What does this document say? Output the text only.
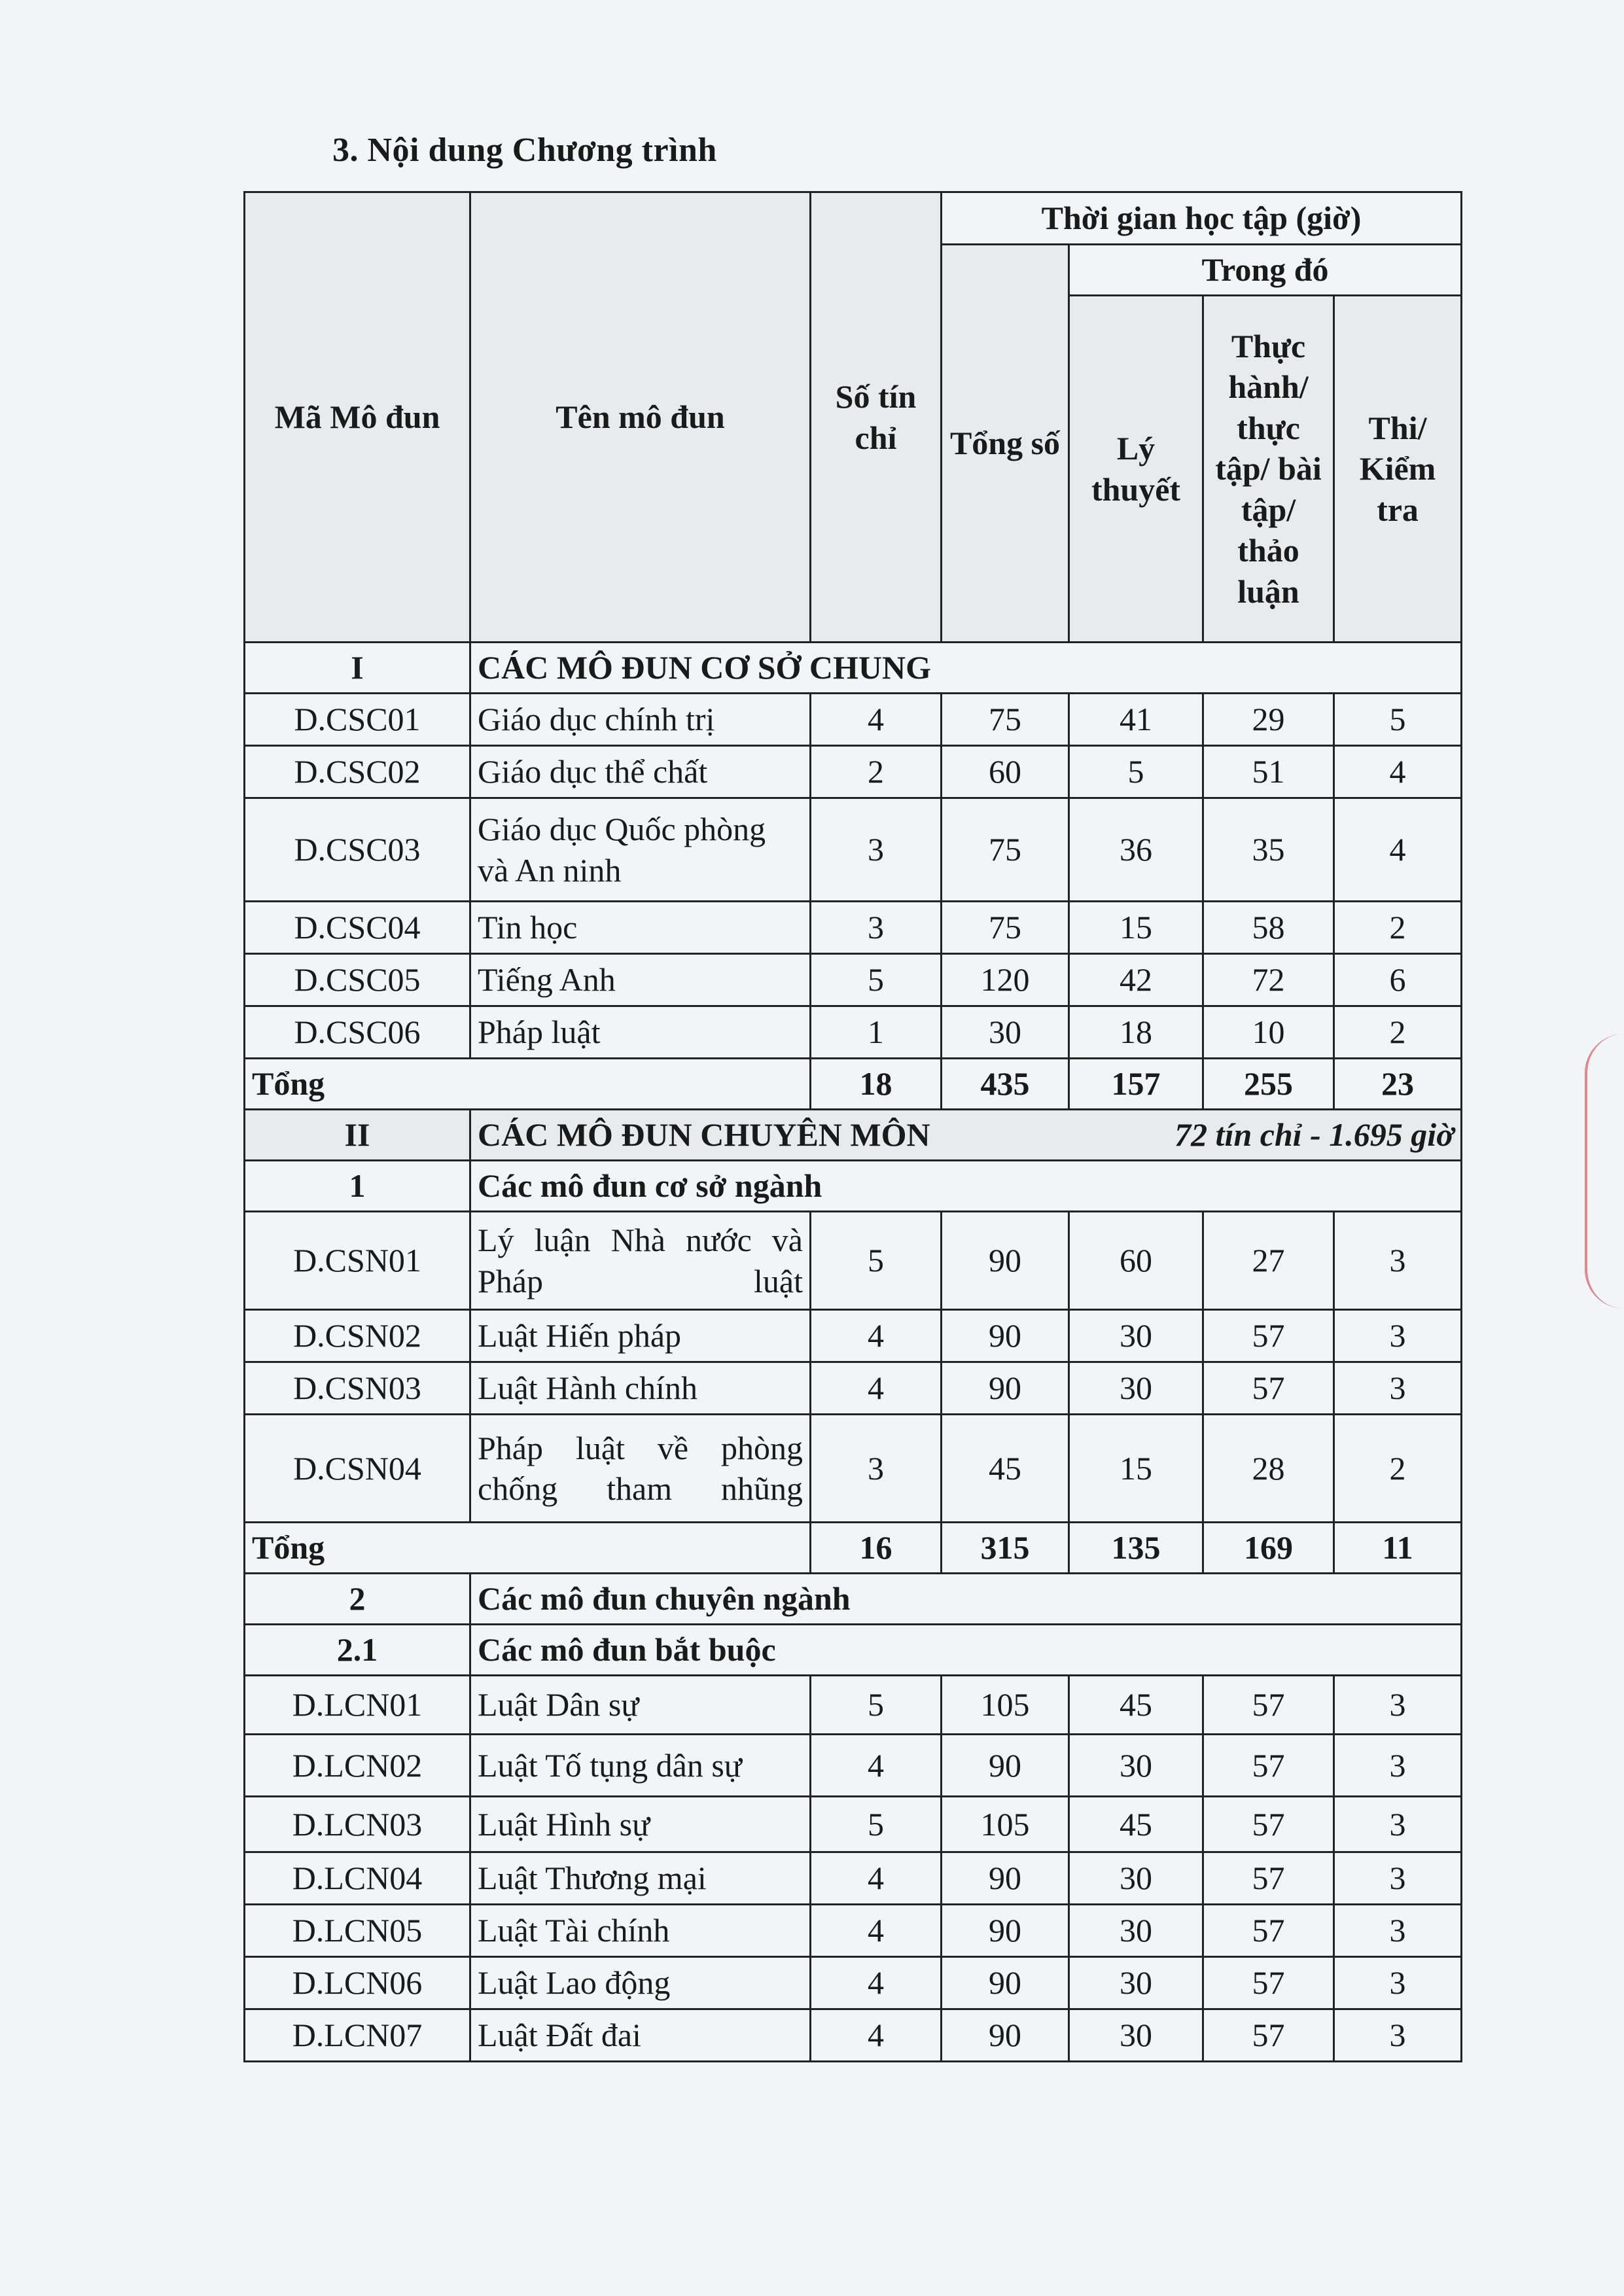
3. Nội dung Chương trình
Mã Mô đun	Tên mô đun	Số tín chỉ	Thời gian học tập (giờ)			
			Tổng số	Trong đó		
				Lý thuyết	Thực hành/ thực tập/ bài tập/ thảo luận	Thi/ Kiểm tra

I	CÁC MÔ ĐUN CƠ SỞ CHUNG					
D.CSC01	Giáo dục chính trị	4	75	41	29	5
D.CSC02	Giáo dục thể chất	2	60	5	51	4
D.CSC03	Giáo dục Quốc phòng và An ninh	3	75	36	35	4
D.CSC04	Tin học	3	75	15	58	2
D.CSC05	Tiếng Anh	5	120	42	72	6
D.CSC06	Pháp luật	1	30	18	10	2
Tổng		18	435	157	255	23
II	CÁC MÔ ĐUN CHUYÊN MÔN 72 tín chỉ - 1.695 giờ					

1	Các mô đun cơ sở ngành					
D.CSN01	Lý luận Nhà nước và Pháp luật	5	90	60	27	3
D.CSN02	Luật Hiến pháp	4	90	30	57	3
D.CSN03	Luật Hành chính	4	90	30	57	3
D.CSN04	Pháp luật về phòng chống tham nhũng	3	45	15	28	2
Tổng		16	315	135	169	11
2	Các mô đun chuyên ngành					
2.1	Các mô đun bắt buộc					
D.LCN01	Luật Dân sự	5	105	45	57	3
D.LCN02	Luật Tố tụng dân sự	4	90	30	57	3
D.LCN03	Luật Hình sự	5	105	45	57	3
D.LCN04	Luật Thương mại	4	90	30	57	3
D.LCN05	Luật Tài chính	4	90	30	57	3
D.LCN06	Luật Lao động	4	90	30	57	3
D.LCN07	Luật Đất đai	4	90	30	57	3
